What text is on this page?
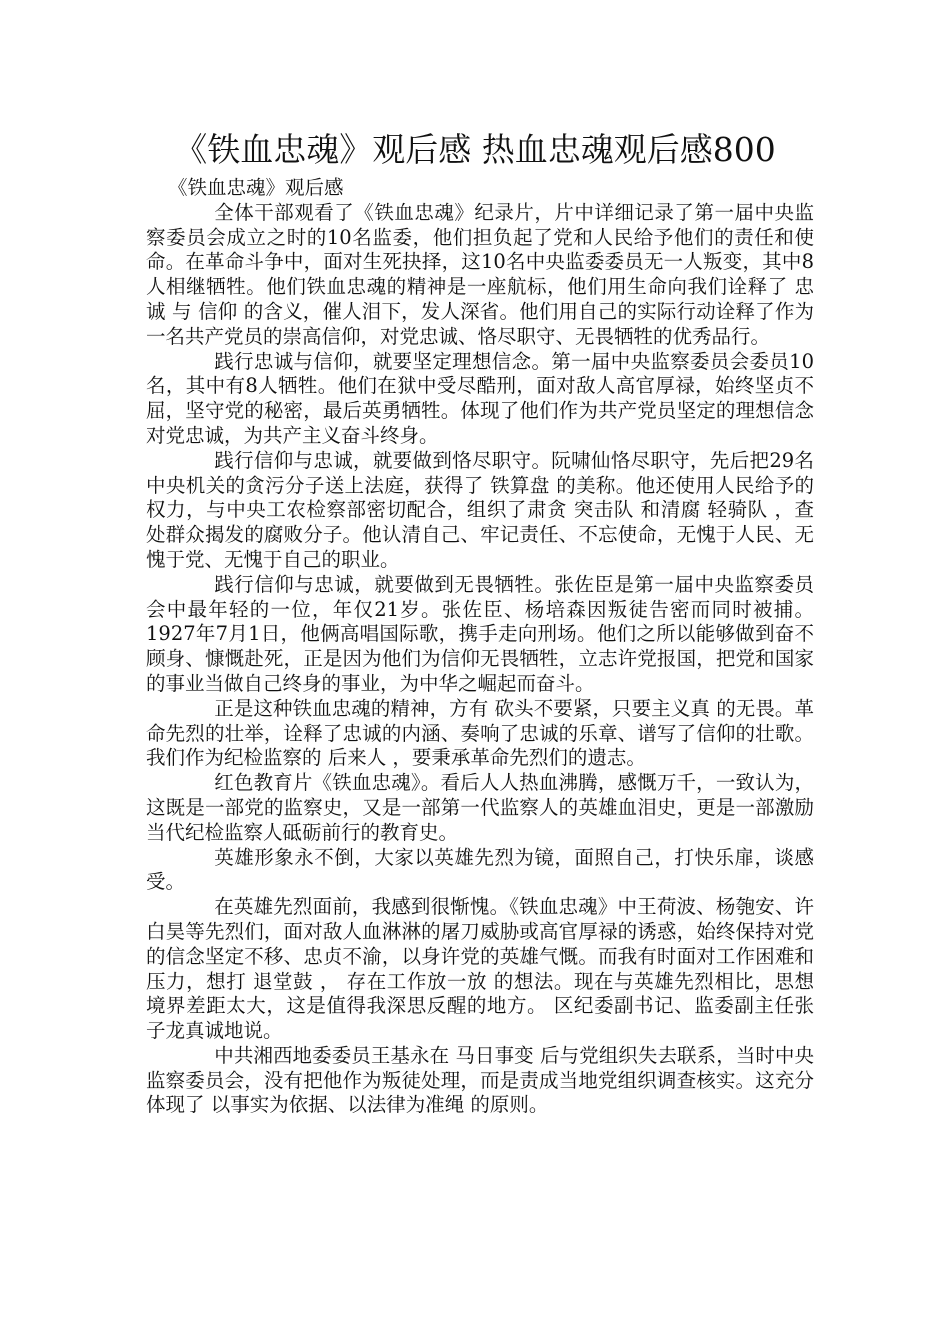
《铁血忠魂》观后感 热血忠魂观后感800

《铁血忠魂》观后感

全体干部观看了《铁血忠魂》纪录片，片中详细记录了第一届中央监察委员会成立之时的10名监委，他们担负起了党和人民给予他们的责任和使命。在革命斗争中，面对生死抉择，这10名中央监委委员无一人叛变，其中8人相继牺牲。他们铁血忠魂的精神是一座航标，他们用生命向我们诠释了 忠诚 与 信仰 的含义，催人泪下，发人深省。他们用自己的实际行动诠释了作为一名共产党员的崇高信仰，对党忠诚、恪尽职守、无畏牺牲的优秀品行。

践行忠诚与信仰，就要坚定理想信念。第一届中央监察委员会委员10名，其中有8人牺牲。他们在狱中受尽酷刑，面对敌人高官厚禄，始终坚贞不屈，坚守党的秘密，最后英勇牺牲。体现了他们作为共产党员坚定的理想信念 对党忠诚，为共产主义奋斗终身。

践行信仰与忠诚，就要做到恪尽职守。阮啸仙恪尽职守，先后把29名中央机关的贪污分子送上法庭，获得了 铁算盘 的美称。他还使用人民给予的权力，与中央工农检察部密切配合，组织了肃贪 突击队 和清腐 轻骑队 ，查处群众揭发的腐败分子。他认清自己、牢记责任、不忘使命，无愧于人民、无愧于党、无愧于自己的职业。

践行信仰与忠诚，就要做到无畏牺牲。张佐臣是第一届中央监察委员会中最年轻的一位，年仅21岁。张佐臣、杨培森因叛徒告密而同时被捕。1927年7月1日，他俩高唱国际歌，携手走向刑场。他们之所以能够做到奋不顾身、慷慨赴死，正是因为他们为信仰无畏牺牲，立志许党报国，把党和国家的事业当做自己终身的事业，为中华之崛起而奋斗。

正是这种铁血忠魂的精神，方有 砍头不要紧，只要主义真 的无畏。革命先烈的壮举，诠释了忠诚的内涵、奏响了忠诚的乐章、谱写了信仰的壮歌。我们作为纪检监察的 后来人 ，要秉承革命先烈们的遗志。

红色教育片《铁血忠魂》。看后人人热血沸腾，感慨万千，一致认为，这既是一部党的监察史，又是一部第一代监察人的英雄血泪史，更是一部激励当代纪检监察人砥砺前行的教育史。

英雄形象永不倒，大家以英雄先烈为镜，面照自己，打快乐扉，谈感受。

在英雄先烈面前，我感到很惭愧。《铁血忠魂》中王荷波、杨匏安、许白昊等先烈们，面对敌人血淋淋的屠刀威胁或高官厚禄的诱惑，始终保持对党的信念坚定不移、忠贞不渝，以身许党的英雄气慨。而我有时面对工作困难和压力，想打 退堂鼓 ， 存在工作放一放 的想法。现在与英雄先烈相比，思想境界差距太大，这是值得我深思反醒的地方。 区纪委副书记、监委副主任张子龙真诚地说。

中共湘西地委委员王基永在 马日事变 后与党组织失去联系，当时中央监察委员会，没有把他作为叛徒处理，而是责成当地党组织调查核实。这充分体现了 以事实为依据、以法律为准绳 的原则。
